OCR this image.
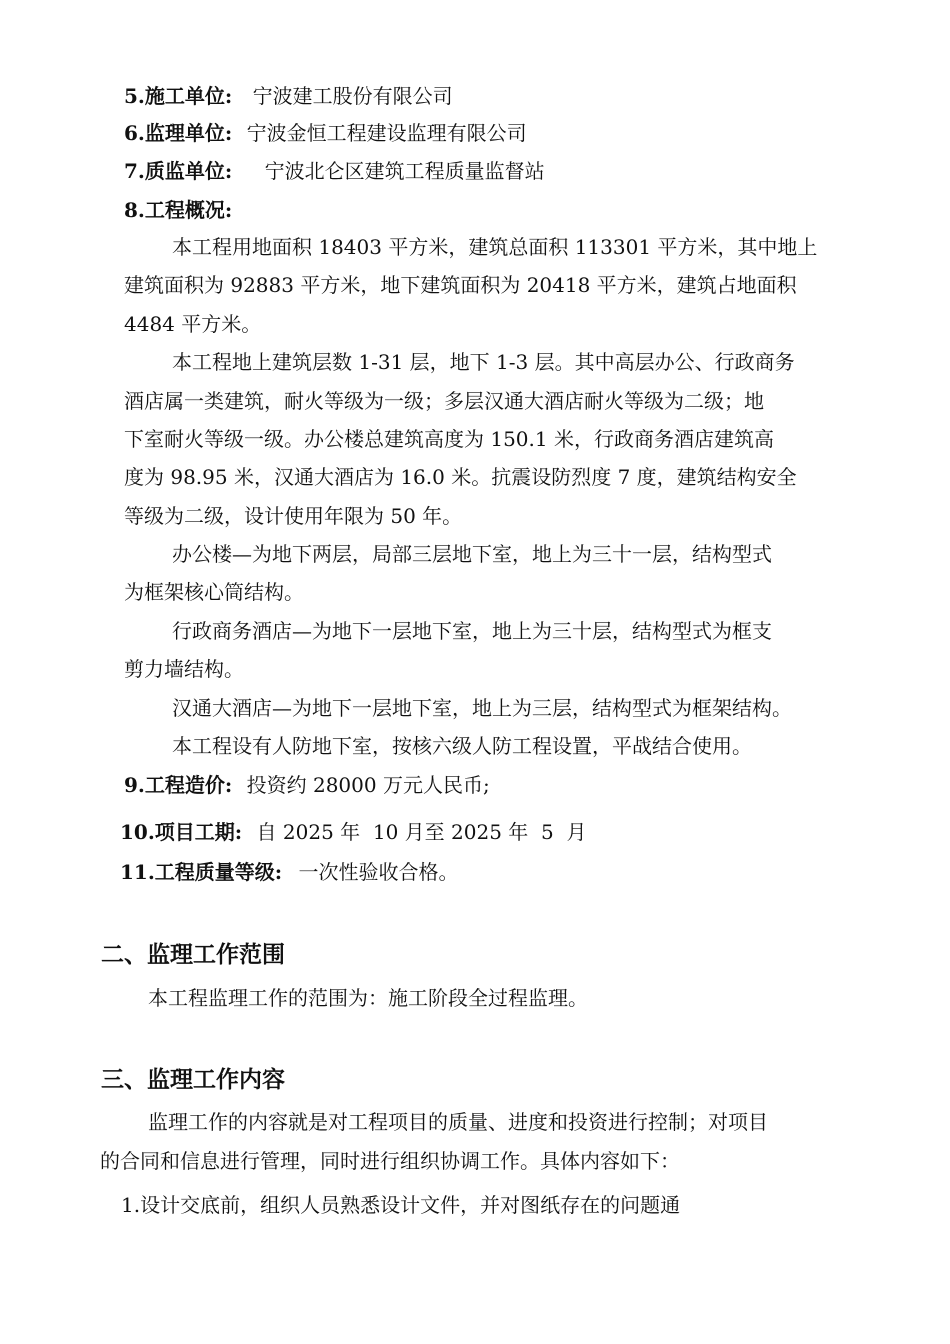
5.施工单位: 宁波建工股份有限公司
6.监理单位: 宁波金恒工程建设监理有限公司
7.质监单位: 宁波北仑区建筑工程质量监督站
8.工程概况:
本工程用地面积 18403 平方米，建筑总面积 113301 平方米，其中地上
建筑面积为 92883 平方米，地下建筑面积为 20418 平方米，建筑占地面积
4484 平方米。
本工程地上建筑层数 1-31 层，地下 1-3 层。其中高层办公、行政商务
酒店属一类建筑，耐火等级为一级；多层汉通大酒店耐火等级为二级；地
下室耐火等级一级。办公楼总建筑高度为 150.1 米，行政商务酒店建筑高
度为 98.95 米，汉通大酒店为 16.0 米。抗震设防烈度 7 度，建筑结构安全
等级为二级，设计使用年限为 50 年。
办公楼—为地下两层，局部三层地下室，地上为三十一层，结构型式
为框架核心筒结构。
行政商务酒店—为地下一层地下室，地上为三十层，结构型式为框支
剪力墙结构。
汉通大酒店—为地下一层地下室，地上为三层，结构型式为框架结构。
本工程设有人防地下室，按核六级人防工程设置，平战结合使用。
9.工程造价: 投资约 28000 万元人民币;
10.项目工期: 自 2025 年  10 月至 2025 年  5  月
11.工程质量等级: 一次性验收合格。
二、监理工作范围
本工程监理工作的范围为：施工阶段全过程监理。
三、监理工作内容
监理工作的内容就是对工程项目的质量、进度和投资进行控制；对项目
的合同和信息进行管理，同时进行组织协调工作。具体内容如下：
1.设计交底前，组织人员熟悉设计文件，并对图纸存在的问题通
